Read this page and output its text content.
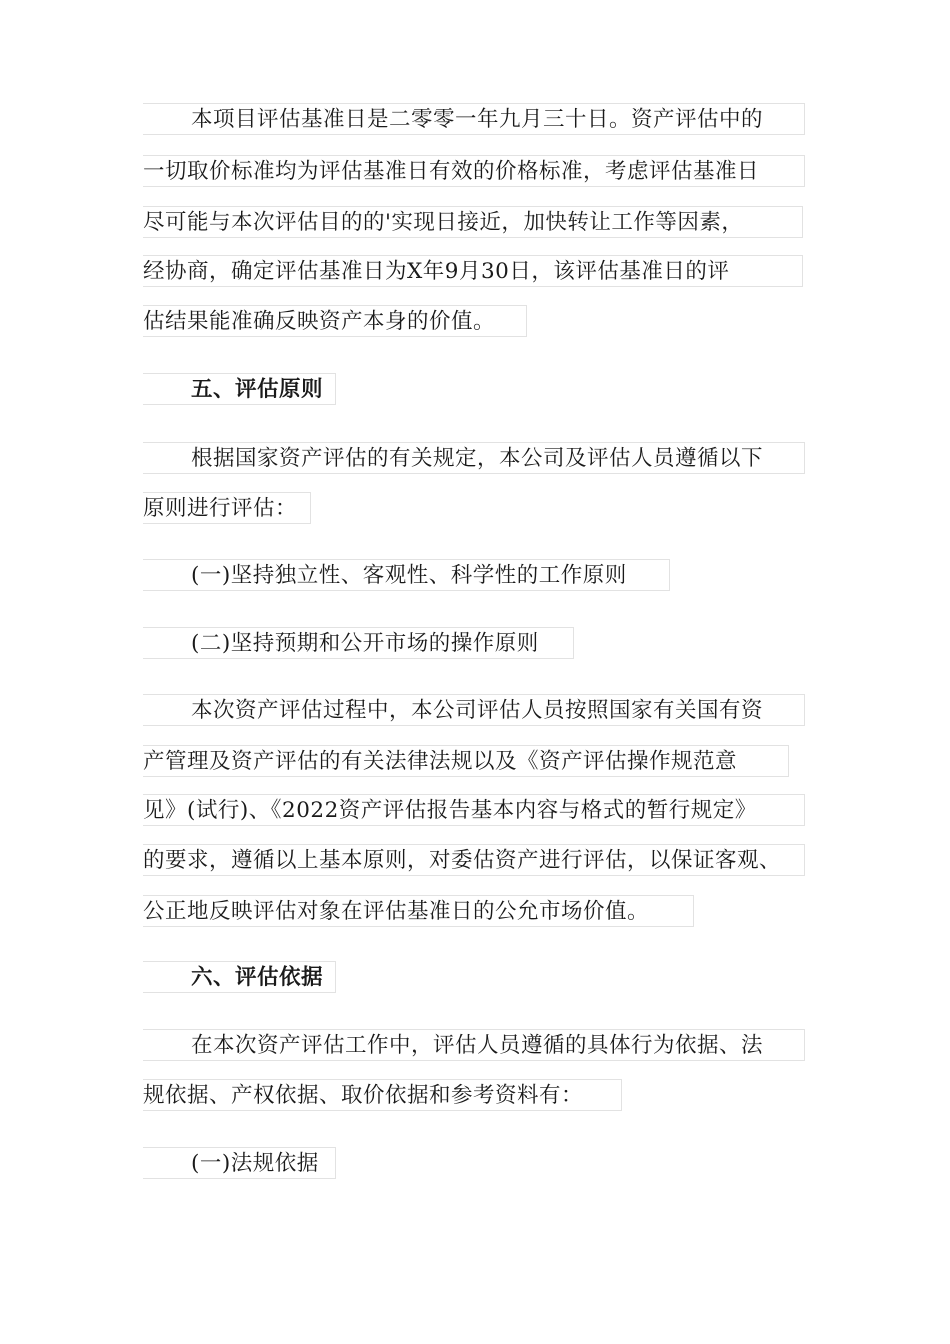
本项目评估基准日是二零零一年九月三十日。资产评估中的
一切取价标准均为评估基准日有效的价格标准，考虑评估基准日
尽可能与本次评估目的的'实现日接近，加快转让工作等因素，
经协商，确定评估基准日为X年9月30日，该评估基准日的评
估结果能准确反映资产本身的价值。
五、评估原则
根据国家资产评估的有关规定，本公司及评估人员遵循以下
原则进行评估：
(一)坚持独立性、客观性、科学性的工作原则
(二)坚持预期和公开市场的操作原则
本次资产评估过程中，本公司评估人员按照国家有关国有资
产管理及资产评估的有关法律法规以及《资产评估操作规范意
见》(试行)、《2022资产评估报告基本内容与格式的暂行规定》
的要求，遵循以上基本原则，对委估资产进行评估，以保证客观、
公正地反映评估对象在评估基准日的公允市场价值。
六、评估依据
在本次资产评估工作中，评估人员遵循的具体行为依据、法
规依据、产权依据、取价依据和参考资料有：
(一)法规依据
